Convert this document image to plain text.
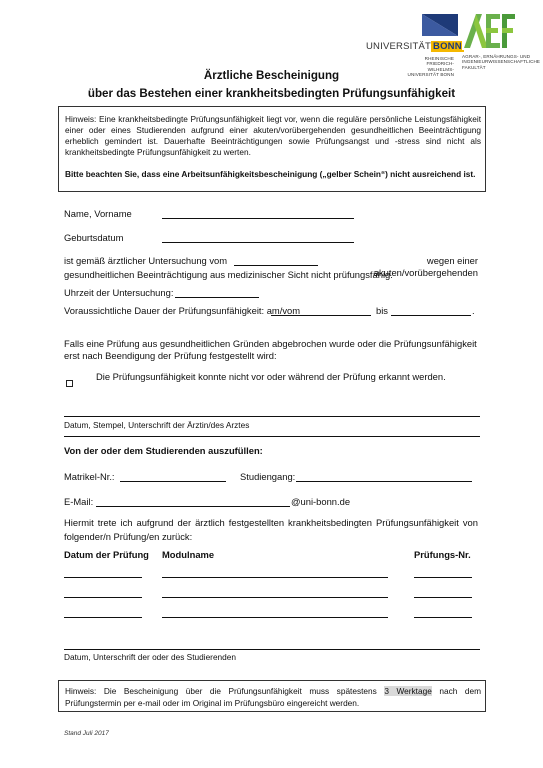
UNIVERSITÄT BONN
RHEINISCHE
FRIEDRICH-WILHELMS-
UNIVERSITÄT BONN
AGRAR-, ERNÄHRUNGS- UND
INGENIEURWISSENSCHAFTLICHE
FAKULTÄT
Ärztliche Bescheinigung
über das Bestehen einer krankheitsbedingten Prüfungsunfähigkeit
Hinweis: Eine krankheitsbedingte Prüfungsunfähigkeit liegt vor, wenn die reguläre persönliche Leistungsfähigkeit einer oder eines Studierenden aufgrund einer akuten/vorübergehenden gesundheitlichen Beeinträchtigung erheblich gemindert ist. Dauerhafte Beeinträchtigungen sowie Prüfungsangst und -stress sind nicht als krankheitsbedingte Prüfungsunfähigkeit zu werten.
Bitte beachten Sie, dass eine Arbeitsunfähigkeitsbescheinigung („gelber Schein“) nicht ausreichend ist.
Name, Vorname
Geburtsdatum
ist gemäß ärztlicher Untersuchung vom	wegen einer akuten/vorübergehenden
gesundheitlichen Beeinträchtigung aus medizinischer Sicht nicht prüfungsfähig.
Uhrzeit der Untersuchung:
Voraussichtliche Dauer der Prüfungsunfähigkeit: am/vom	bis	.
Falls eine Prüfung aus gesundheitlichen Gründen abgebrochen wurde oder die Prüfungsunfähigkeit erst nach Beendigung der Prüfung festgestellt wird:
Die Prüfungsunfähigkeit konnte nicht vor oder während der Prüfung erkannt werden.
Datum, Stempel, Unterschrift der Ärztin/des Arztes
Von der oder dem Studierenden auszufüllen:
Matrikel-Nr.:	Studiengang:
E-Mail:	@uni-bonn.de
Hiermit trete ich aufgrund der ärztlich festgestellten krankheitsbedingten Prüfungsunfähigkeit von folgender/n Prüfung/en zurück:
Datum der Prüfung Modulname	Prüfungs-Nr.
Datum, Unterschrift der oder des Studierenden
Hinweis: Die Bescheinigung über die Prüfungsunfähigkeit muss spätestens 3 Werktage nach dem Prüfungstermin per e-mail oder im Original im Prüfungsbüro eingereicht werden.
Stand Juli 2017
